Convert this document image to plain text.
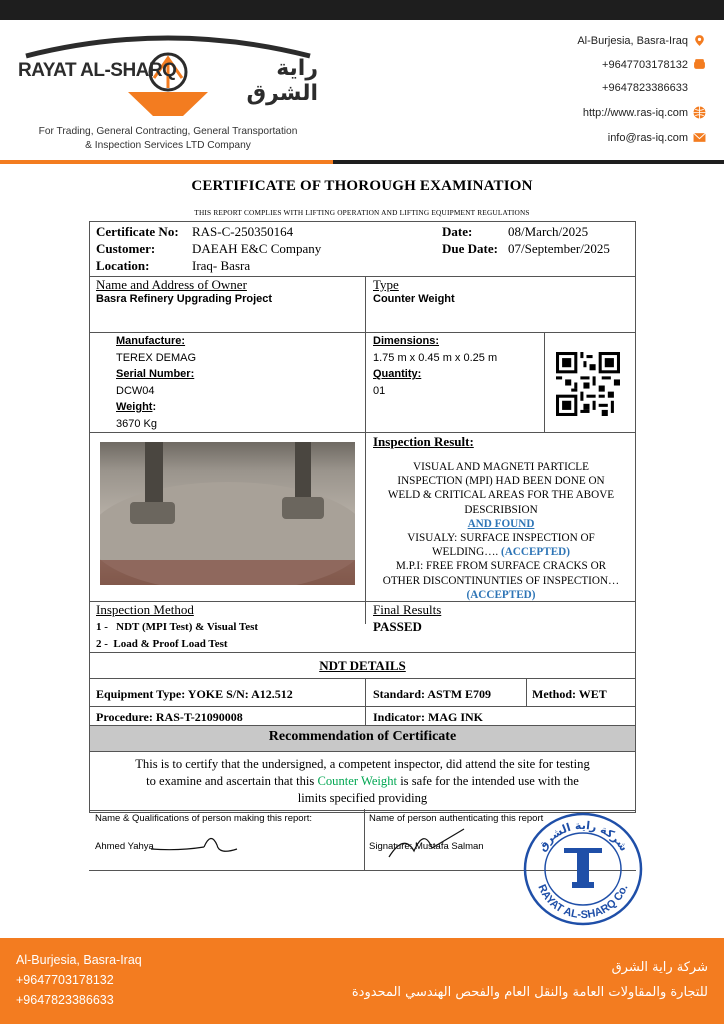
RAYAT AL-SHARQ	راية الشرق
For Trading, General Contracting, General Transportation
& Inspection Services LTD Company
Al-Burjesia, Basra-Iraq
+9647703178132
+9647823386633
http://www.ras-iq.com
info@ras-iq.com
CERTIFICATE OF THOROUGH EXAMINATION
THIS REPORT COMPLIES WITH LIFTING OPERATION AND LIFTING EQUIPMENT REGULATIONS
Certificate No: RAS-C-250350164
Customer:	DAEAH E&C Company
Location:	Iraq- Basra
Date:	08/March/2025
Due Date: 07/September/2025
Name and Address of Owner
Basra Refinery Upgrading Project
Type
Counter Weight
Manufacture:
TEREX DEMAG
Serial Number:
DCW04
Weight:
3670 Kg
Dimensions:
1.75 m x 0.45 m x 0.25 m
Quantity:
01
Inspection Result:
VISUAL AND MAGNETI PARTICLE
INSPECTION (MPI) HAD BEEN DONE ON
WELD & CRITICAL AREAS FOR THE ABOVE
DESCRIBSION
AND FOUND
VISUALY: SURFACE INSPECTION OF
WELDING…. (ACCEPTED)
M.P.I: FREE FROM SURFACE CRACKS OR
OTHER DISCONTINUNTIES OF INSPECTION…
(ACCEPTED)
Inspection Method
1 - NDT (MPI Test) & Visual Test
2 - Load & Proof Load Test
Final Results
PASSED
NDT DETAILS
Equipment Type: YOKE S/N: A12.512	Standard: ASTM E709	Method: WET
Procedure: RAS-T-21090008	Indicator: MAG INK
Recommendation of Certificate
This is to certify that the undersigned, a competent inspector, did attend the site for testing
to examine and ascertain that this Counter Weight is safe for the intended use with the
limits specified providing
Name & Qualifications of person making this report:
Ahmed Yahya
Name of person authenticating this report
Signature: Mustafa Salman	شركة راية الشرق
RAYAT AL-SHARQ Co.
Al-Burjesia, Basra-Iraq
+9647703178132
+9647823386633
شركة راية الشرق
للتجارة والمقاولات العامة والنقل العام والفحص الهندسي المحدودة
